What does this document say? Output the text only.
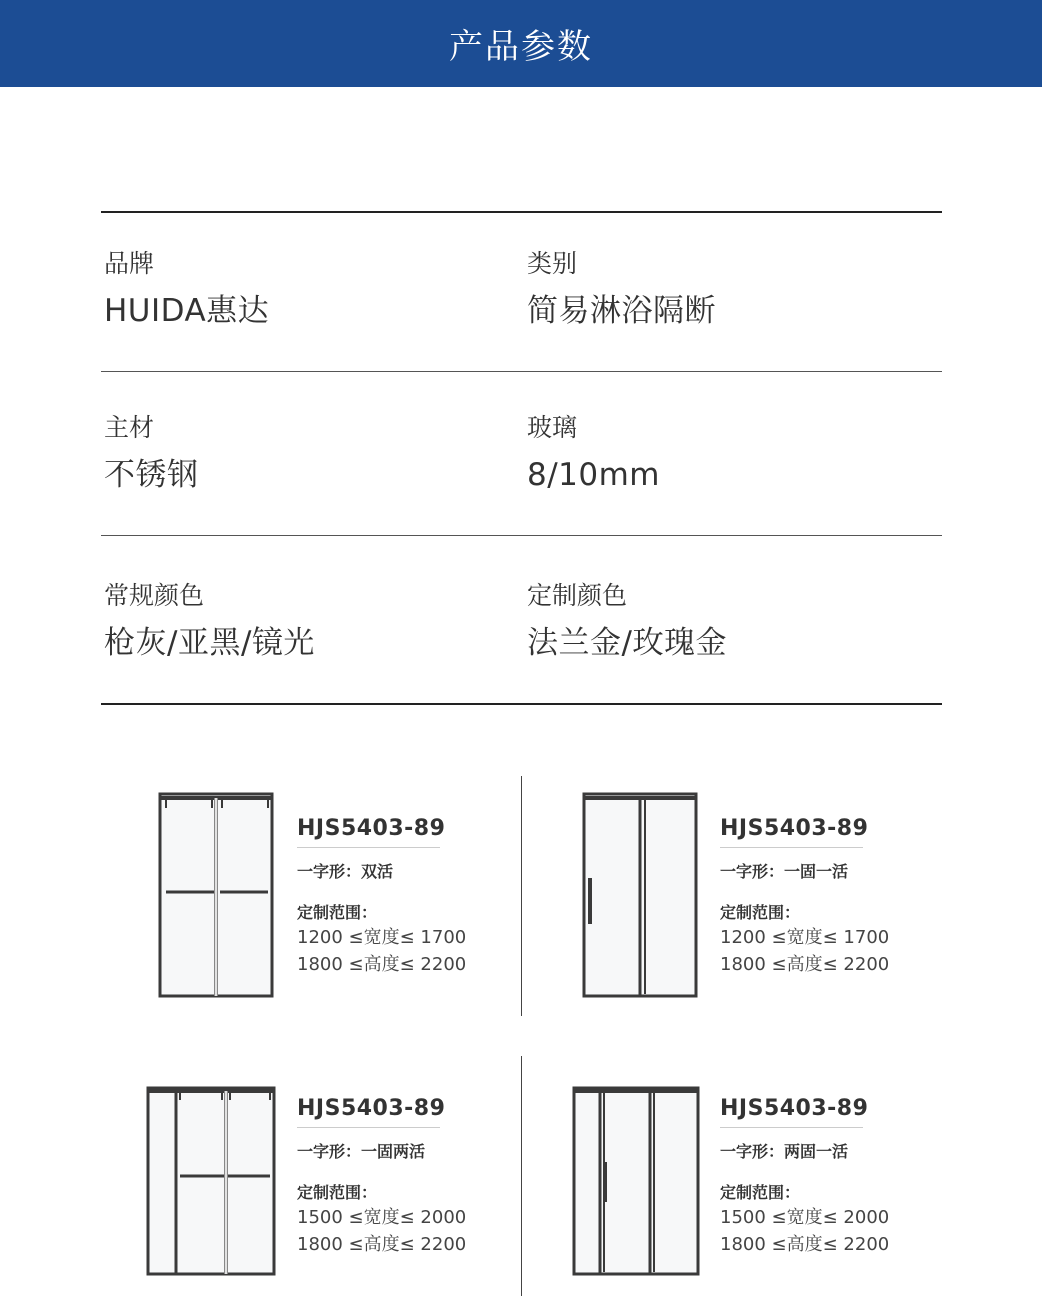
产品参数
品牌
HUIDA惠达
类别
简易淋浴隔断
主材
不锈钢
玻璃
8/10mm
常规颜色
枪灰/亚黑/镜光
定制颜色
法兰金/玫瑰金
HJS5403-89
一字形：双活
定制范围：
1200 ≤宽度≤ 1700
1800 ≤高度≤ 2200
HJS5403-89
一字形：一固一活
定制范围：
1200 ≤宽度≤ 1700
1800 ≤高度≤ 2200
HJS5403-89
一字形：一固两活
定制范围：
1500 ≤宽度≤ 2000
1800 ≤高度≤ 2200
HJS5403-89
一字形：两固一活
定制范围：
1500 ≤宽度≤ 2000
1800 ≤高度≤ 2200
